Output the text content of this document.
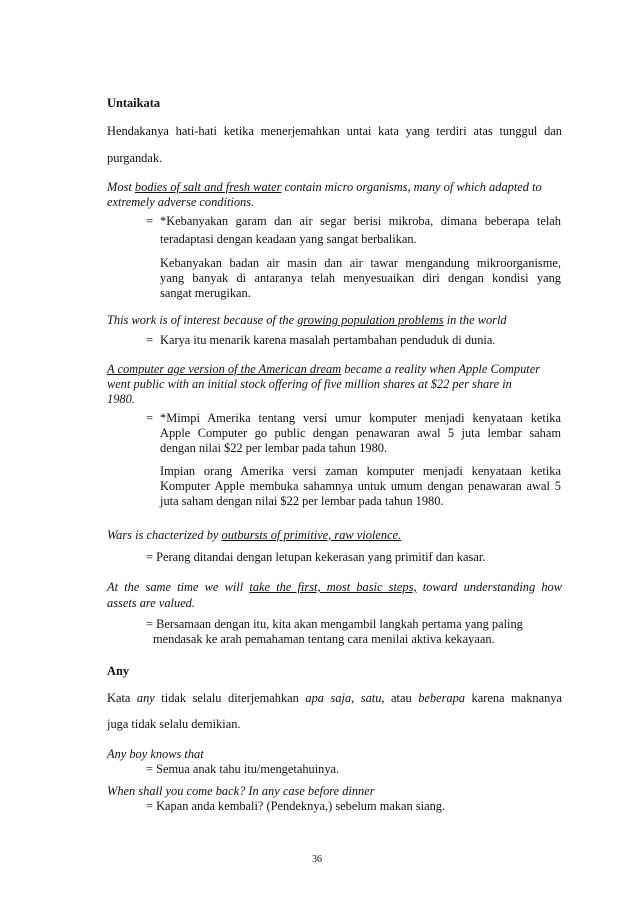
Untaikata
Hendakanya hati-hati ketika menerjemahkan untai kata yang terdiri atas tunggul dan
purgandak.
Most bodies of salt and fresh water contain micro organisms, many of which adapted to
extremely adverse conditions.
= *Kebanyakan garam dan air segar berisi mikroba, dimana beberapa telah
teradaptasi dengan keadaan yang sangat berbalikan.
Kebanyakan badan air masin dan air tawar mengandung mikroorganisme,
yang banyak di antaranya telah menyesuaikan diri dengan kondisi yang
sangat merugikan.
This work is of interest because of the growing population problems in the world
= Karya itu menarik karena masalah pertambahan penduduk di dunia.
A computer age version of the American dream became a reality when Apple Computer
went public with an initial stock offering of five million shares at $22 per share in
1980.
= *Mimpi Amerika tentang versi umur komputer menjadi kenyataan ketika
Apple Computer go public dengan penawaran awal 5 juta lembar saham
dengan nilai $22 per lembar pada tahun 1980.
Impian orang Amerika versi zaman komputer menjadi kenyataan ketika
Komputer Apple membuka sahamnya untuk umum dengan penawaran awal 5
juta saham dengan nilai $22 per lembar pada tahun 1980.
Wars is chacterized by outbursts of primitive, raw violence.
= Perang ditandai dengan letupan kekerasan yang primitif dan kasar.
At the same time we will take the first, most basic steps, toward understanding how
assets are valued.
= Bersamaan dengan itu, kita akan mengambil langkah pertama yang paling
mendasak ke arah pemahaman tentang cara menilai aktiva kekayaan.
Any
Kata any tidak selalu diterjemahkan apa saja, satu, atau beberapa karena maknanya
juga tidak selalu demikian.
Any boy knows that
= Semua anak tahu itu/mengetahuinya.
When shall you come back? In any case before dinner
= Kapan anda kembali? (Pendeknya,) sebelum makan siang.
36
